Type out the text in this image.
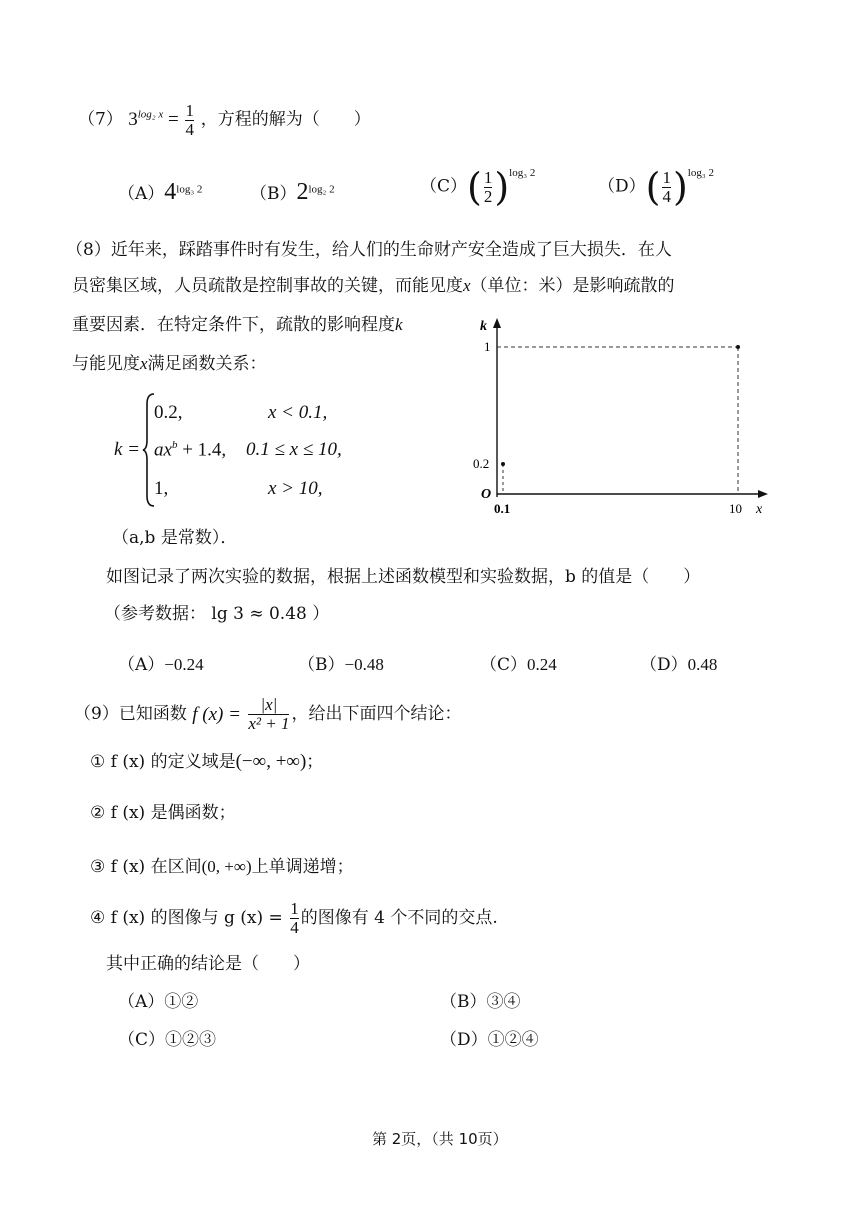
（7） $3^{log_2 x} = \frac{1}{4}$ ，方程的解为（　　）
$(A)4^{log_3 2}$	$(B)2^{log_2 2}$	$(C)( \frac{1}{2} )^{log_3 2}$
$(D)( \frac{1}{4} )^{log_3 2}$
（8）近年来，踩踏事件时有发生，给人们的生命财产安全造成了巨大损失．在人
员密集区域，人员疏散是控制事故的关键，而能见度x（单位：米）是影响疏散的
重要因素．在特定条件下，疏散的影响程度k
与能见度x满足函数关系：
k =
0.2,	x < 0.1,
$ax^b + 1.4$, 0.1 ≤ x ≤ 10,
1,	x > 10,
（a,b 是常数）．
如图记录了两次实验的数据，根据上述函数模型和实验数据，b 的值是（　　）
（参考数据： lg 3 ≈ 0.48 ）
（A）−0.24	（B）−0.48	（C）0.24	（D）0.48
k
1
0.2
O
0.1	10 x
（9）已知函数 f $(x) = \frac{|x|}{\text{x² + 1}}$ ，给出下面四个结论：
① f (x) 的定义域是(−∞, +∞)；
② f (x) 是偶函数；
③ f (x) 在区间(0, +∞)上单调递增；
④ f (x) 的图像与 g $(x) = \frac{1}{4}$ 的图像有 4 个不同的交点.
其中正确的结论是（　　）
（A）①②	（B）③④
（C）①②③	（D）①②④
第 2页，（共 10页）
